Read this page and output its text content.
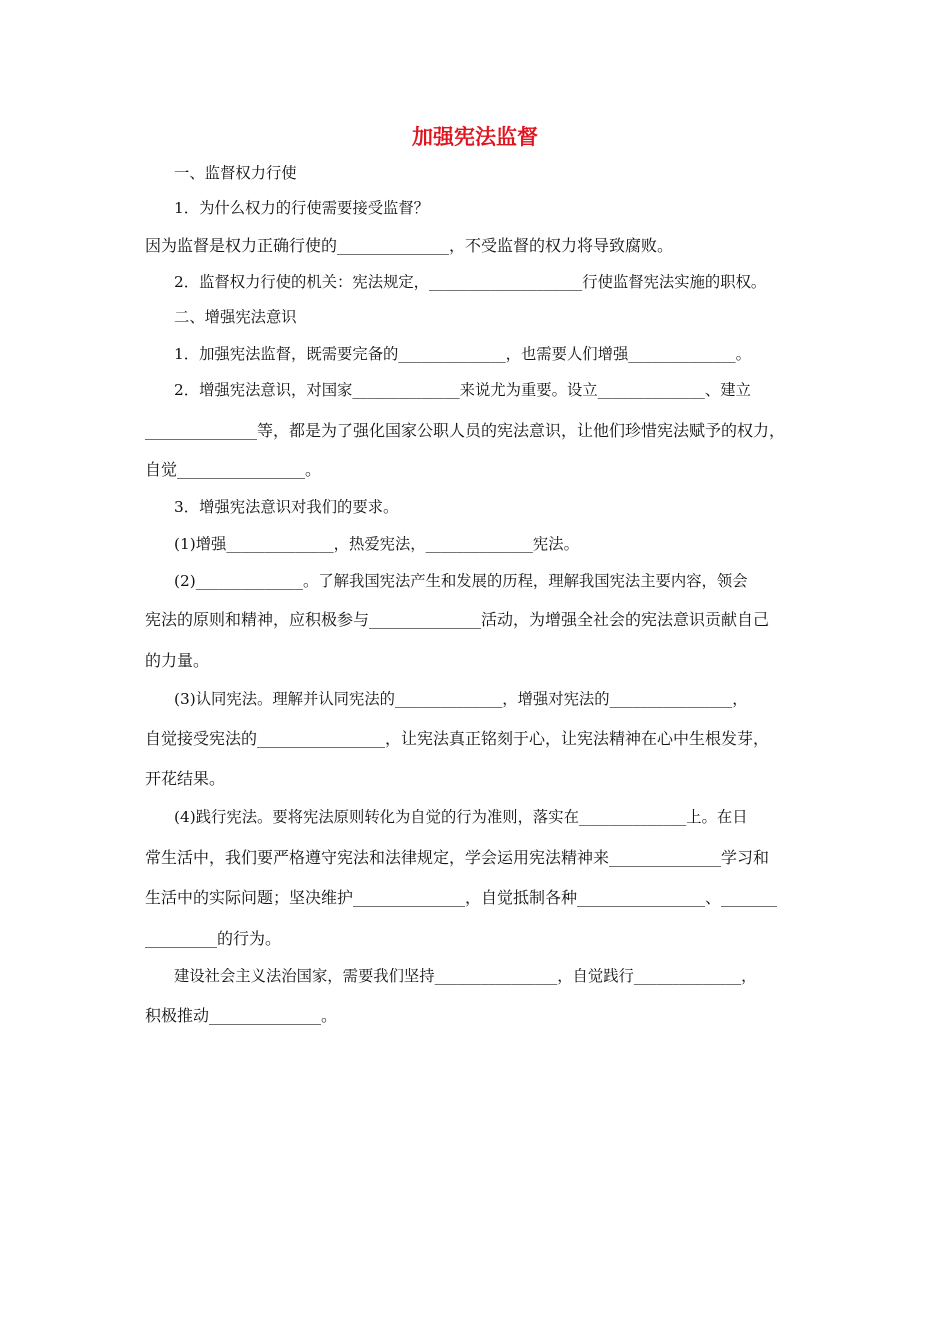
加强宪法监督
一、监督权力行使
1．为什么权力的行使需要接受监督？
因为监督是权力正确行使的______________，不受监督的权力将导致腐败。
2．监督权力行使的机关：宪法规定，____________________行使监督宪法实施的职权。
二、增强宪法意识
1．加强宪法监督，既需要完备的______________，也需要人们增强______________。
2．增强宪法意识，对国家______________来说尤为重要。设立______________、建立
______________等，都是为了强化国家公职人员的宪法意识，让他们珍惜宪法赋予的权力，
自觉________________。
3．增强宪法意识对我们的要求。
(1)增强______________，热爱宪法，______________宪法。
(2)______________。了解我国宪法产生和发展的历程，理解我国宪法主要内容，领会
宪法的原则和精神，应积极参与______________活动，为增强全社会的宪法意识贡献自己
的力量。
(3)认同宪法。理解并认同宪法的______________，增强对宪法的________________，
自觉接受宪法的________________，让宪法真正铭刻于心，让宪法精神在心中生根发芽，
开花结果。
(4)践行宪法。要将宪法原则转化为自觉的行为准则，落实在______________上。在日
常生活中，我们要严格遵守宪法和法律规定，学会运用宪法精神来______________学习和
生活中的实际问题；坚决维护______________，自觉抵制各种________________、_______
_________的行为。
建设社会主义法治国家，需要我们坚持________________，自觉践行______________，
积极推动______________。
